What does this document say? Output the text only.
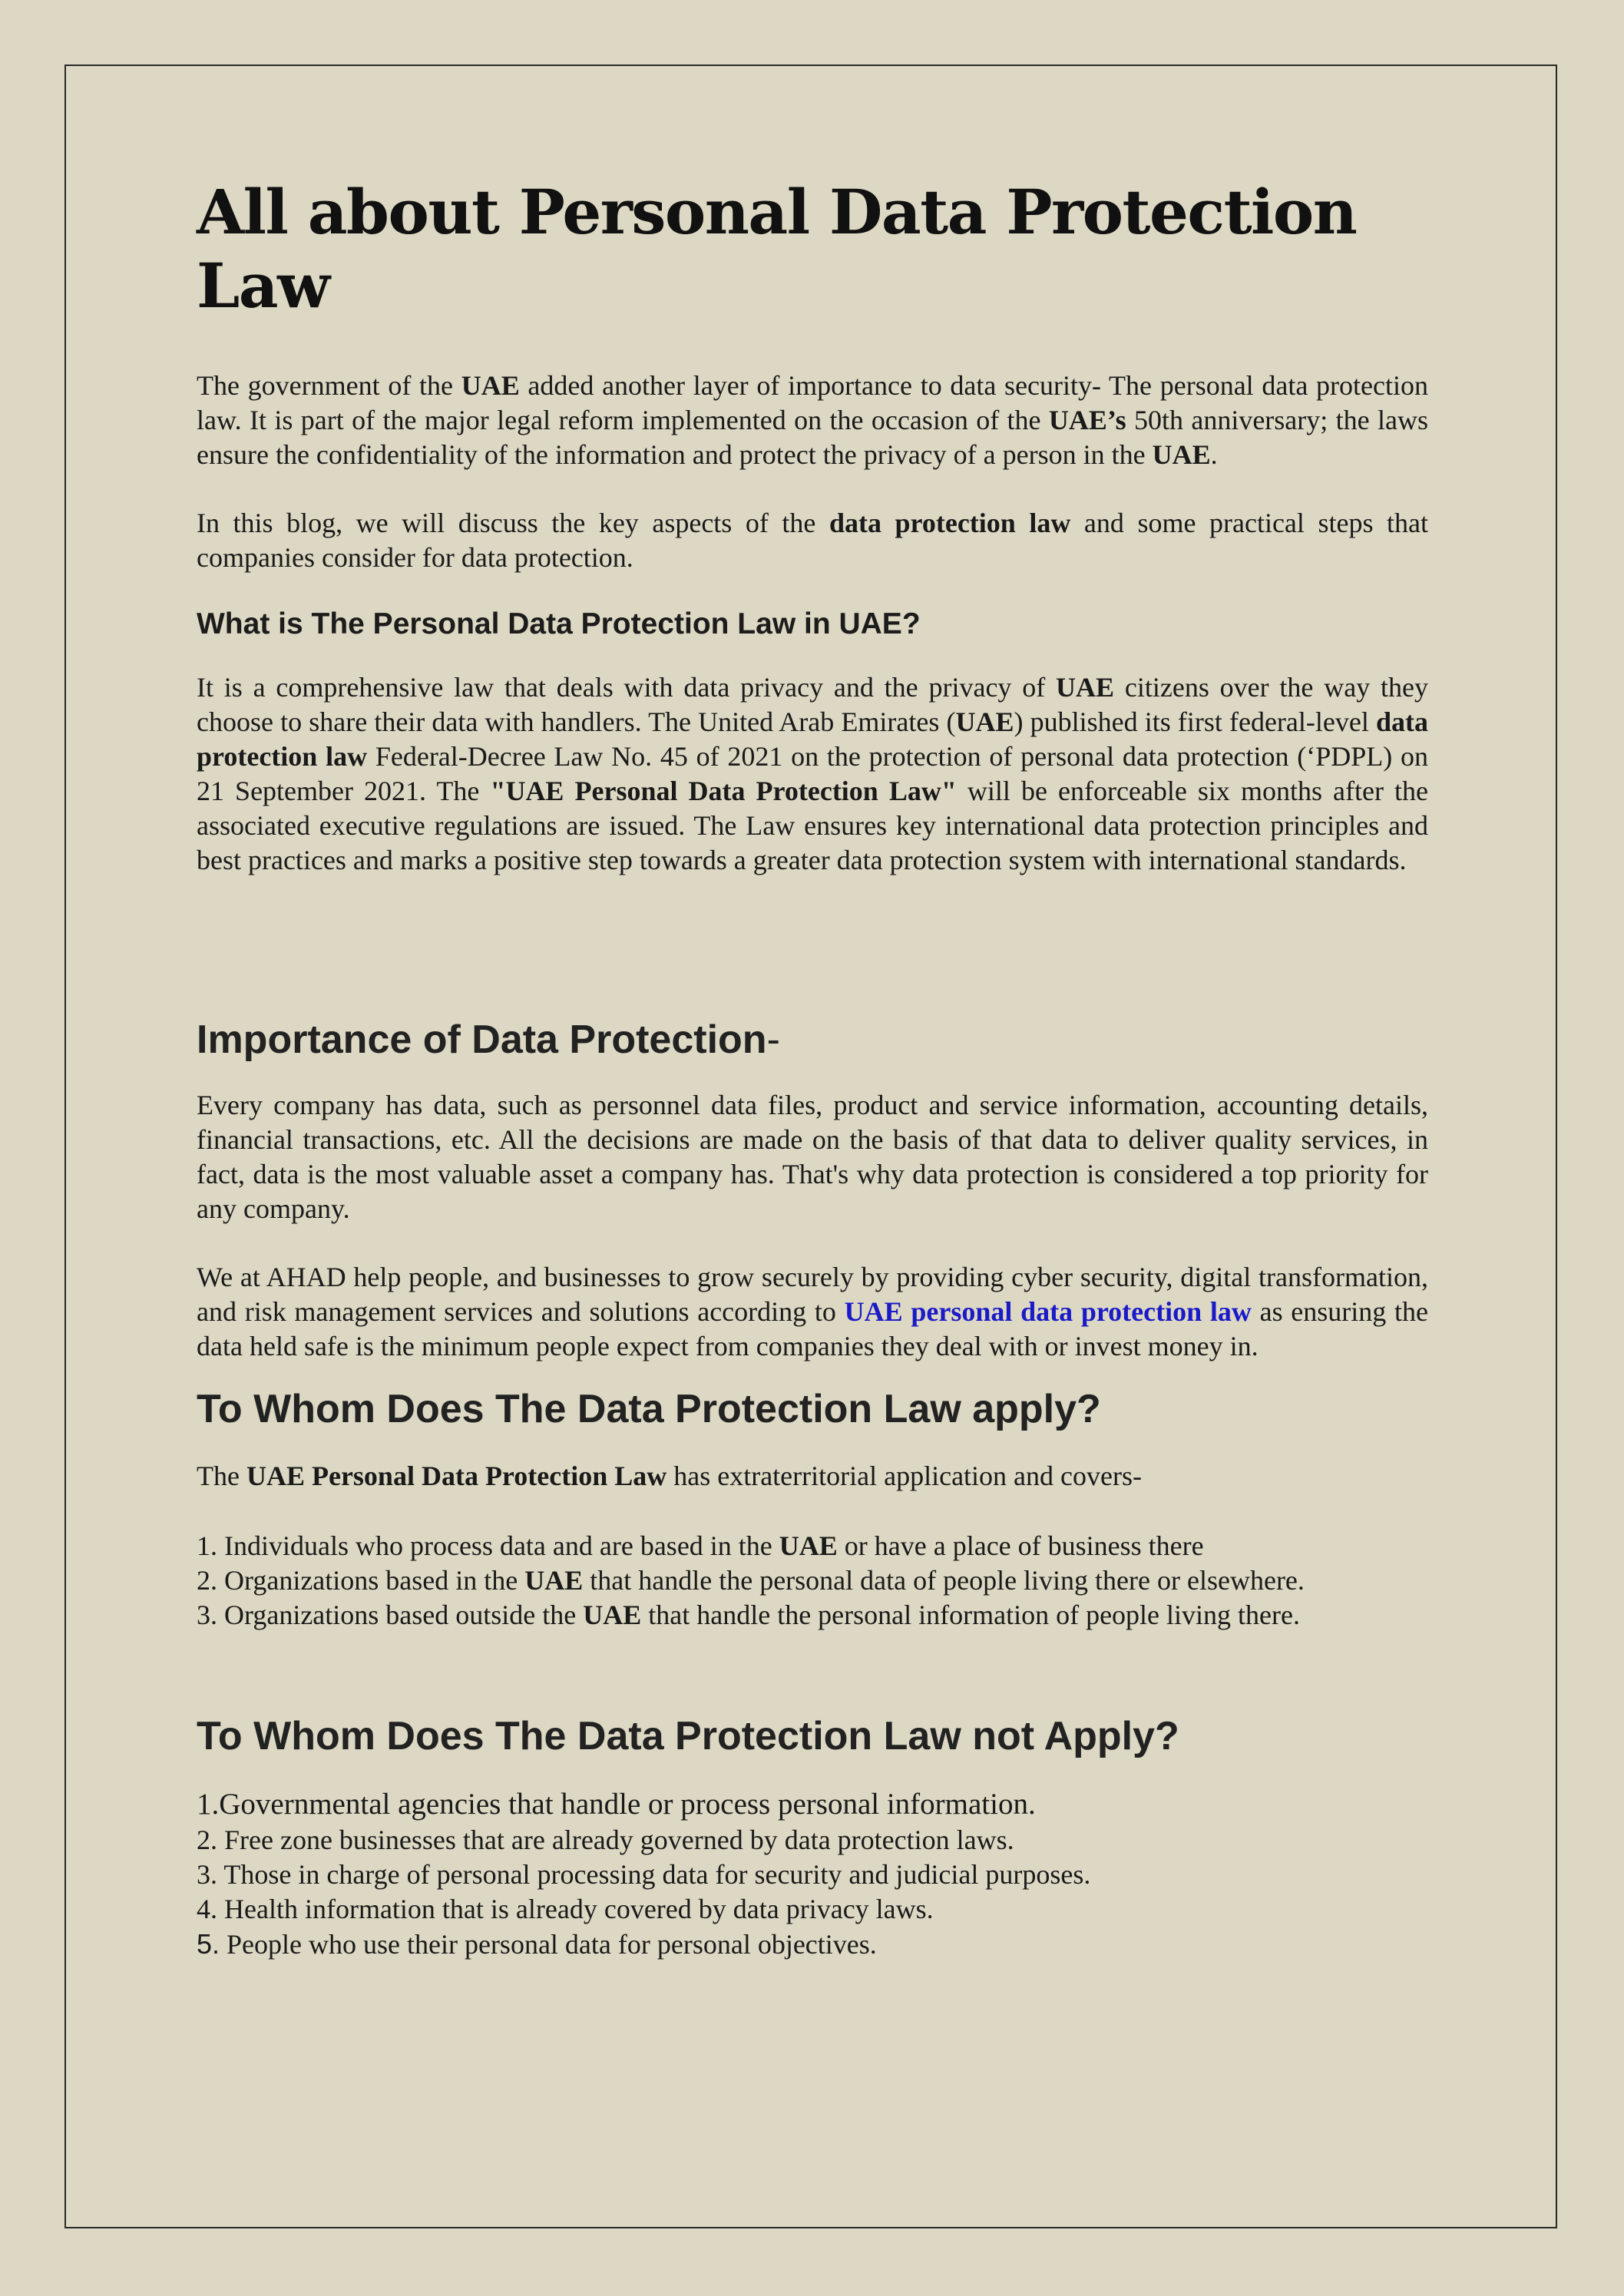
All about Personal Data Protection Law

The government of the UAE added another layer of importance to data security- The personal data protection law. It is part of the major legal reform implemented on the occasion of the UAE’s 50th anniversary; the laws ensure the confidentiality of the information and protect the privacy of a person in the UAE.

In this blog, we will discuss the key aspects of the data protection law and some practical steps that companies consider for data protection.

What is The Personal Data Protection Law in UAE?

It is a comprehensive law that deals with data privacy and the privacy of UAE citizens over the way they choose to share their data with handlers. The United Arab Emirates (UAE) published its first federal-level data protection law Federal-Decree Law No. 45 of 2021 on the protection of personal data protection (‘PDPL) on 21 September 2021. The "UAE Personal Data Protection Law" will be enforceable six months after the associated executive regulations are issued. The Law ensures key international data protection principles and best practices and marks a positive step towards a greater data protection system with international standards.

Importance of Data Protection-

Every company has data, such as personnel data files, product and service information, accounting details, financial transactions, etc. All the decisions are made on the basis of that data to deliver quality services, in fact, data is the most valuable asset a company has. That's why data protection is considered a top priority for any company.

We at AHAD help people, and businesses to grow securely by providing cyber security, digital transformation, and risk management services and solutions according to UAE personal data protection law as ensuring the data held safe is the minimum people expect from companies they deal with or invest money in.

To Whom Does The Data Protection Law apply?

The UAE Personal Data Protection Law has extraterritorial application and covers-

1. Individuals who process data and are based in the UAE or have a place of business there
2. Organizations based in the UAE that handle the personal data of people living there or elsewhere.
3. Organizations based outside the UAE that handle the personal information of people living there.
To Whom Does The Data Protection Law not Apply?
1.Governmental agencies that handle or process personal information.
2. Free zone businesses that are already governed by data protection laws.
3. Those in charge of personal processing data for security and judicial purposes.
4. Health information that is already covered by data privacy laws.
5. People who use their personal data for personal objectives.
